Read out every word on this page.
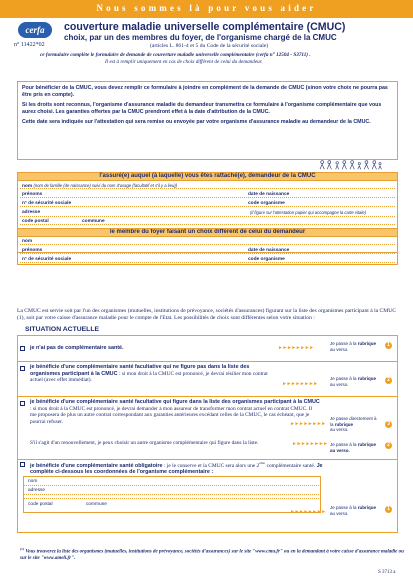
Nous sommes là pour vous aider
cerfa
n° 11422*02
couverture maladie universelle complémentaire (CMUC)
choix, par un des membres du foyer, de l'organisme chargé de la CMUC
(articles L. 861-4 et 5 du Code de la sécurité sociale)
ce formulaire complète le formulaire de demande de couverture maladie universelle complémentaire (cerfa n° 12504 - S3711) .
Il est à remplir uniquement en cas de choix différent de celui du demandeur.

Pour bénéficier de la CMUC, vous devez remplir ce formulaire à joindre en complément de la demande de CMUC (sinon votre choix ne pourra pas être pris en compte).

Si les droits sont reconnus, l'organisme d'assurance maladie du demandeur transmettra ce formulaire à l'organisme complémentaire que vous aurez choisi. Les garanties offertes par la CMUC prendront effet à la date d'attribution de la CMUC.

Cette date sera indiquée sur l'attestation qui sera remise ou envoyée par votre organisme d'assurance maladie au demandeur de la CMUC.

l'assuré(e) auquel (à laquelle) vous êtes rattaché(e), demandeur de la CMUC
nom (nom de famille (de naissance) suivi du nom d'usage (facultatif et s'il y a lieu))
prénoms	date de naissance
n° de sécurité sociale	code organisme
adresse	(il figure sur l'attestation papier qui accompagne la carte vitale)
code postal	commune
le membre du foyer faisant un choix différent de celui du demandeur
nom
prénoms	date de naissance
n° de sécurité sociale	code organisme
La CMUC est servie soit par l'un des organismes (mutuelles, institutions de prévoyance, sociétés d'assurances) figurant sur la liste des organismes participant à la CMUC (1), soit par votre caisse d'assurance maladie pour le compte de l'Etat. Les possibilités de choix sont différentes selon votre situation :
SITUATION ACTUELLE
je n'ai pas de complémentaire santé.	►►►►►►►►
Je passe à la rubrique
au verso.
1
je bénéficie d'une complémentaire santé facultative qui ne figure pas dans la liste des organismes participant à la CMUC : si mon droit à la CMUC est prononcé, je devrai résilier mon contrat actuel (avec effet immédiat).
►►►►►►►►
Je passe à la rubrique
au verso.
2
je bénéficie d'une complémentaire santé facultative qui figure dans la liste des organismes participant à la CMUC : si mon droit à la CMUC est prononcé, je devrai demander à mon assureur de transformer mon contrat actuel en contrat CMUC. Il me proposera de plus un autre contrat correspondant aux garanties antérieures excédant celles de la CMUC, le cas échéant, que je pourrai refuser.	►►►►►►►►
Je passe directement à
la rubrique
au verso.
3
S'il s'agit d'un renouvellement, je peux choisir un autre organisme complémentaire qui figure dans la liste.	►►►►►►►► Je passe à la rubrique
au verso.
2
je bénéficie d'une complémentaire santé obligatoire : je le conserve et la CMUC sera alors une 2ème complémentaire santé. Je complète ci-dessous les coordonnées de l'organisme complémentaire :
nom
adresse
code postal	commune
►►►►►►►►
Je passe à la rubrique
au verso.
1
$^{(1)}$ Vous trouverez la liste des organismes (mutuelles, institutions de prévoyance, sociétés d'assurances) sur le site "www.cmu.fr" ou en la demandant à votre caisse d'assurance maladie ou sur le site "www.ameli.fr".
S 3713 a
